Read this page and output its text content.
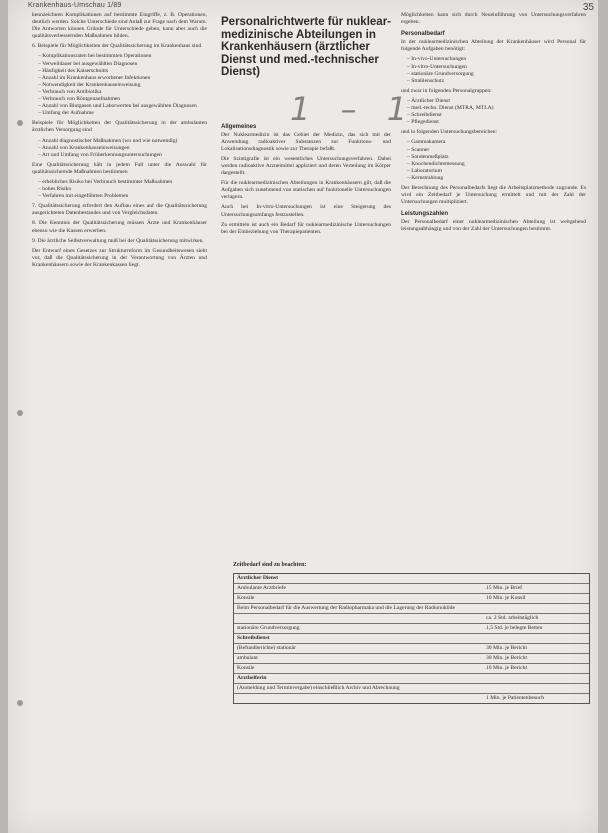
Krankenhaus-Umschau 1/89	35
1 – 1

kennzeichnen Komplikationen auf bestimmte Eingriffe, z. B. Operationen, deutlich werden. Solche Unterschiede sind Anlaß zur Frage nach dem Warum. Die Antworten können Gründe für Unterschiede geben, kann aber auch die qualitätsverbessernden Maßnahmen bilden.

6. Beispiele für Möglichkeiten der Qualitätssicherung im Krankenhaus sind

– Komplikationsraten bei bestimmten Operationen
– Verweildauer bei ausgewählten Diagnosen
– Häufigkeit des Kaiserschnitts
– Anzahl im Krankenhaus erworbener Infektionen
– Notwendigkeit der Krankenhauseinweisung
– Verbrauch von Antibiotika
– Verbrauch von Röntgenaufnahmen
– Anzahl von Blutgasen und Laborwerten bei ausgewählten Diagnosen
– Umfang der Aufnahme

Beispiele für Möglichkeiten der Qualitätssicherung in der ambulanten ärztlichen Versorgung sind

– Anzahl diagnostischer Maßnahmen (wo und wie notwendig)
– Anzahl von Krankenhauseinweisungen
– Art und Umfang von Früherkennungsuntersuchungen

Eine Qualitätssicherung hält in jedem Fall unter die Auswahl für qualitätssichernde Maßnahmen bestimmen

– erhebliches Risiko bei Verbrauch bestimmter Maßnahmen
– hohes Risiko
– Verfahren mit eingeführten Problemen

7. Qualitätssicherung erfordert den Aufbau eines auf die Qualitätssicherung ausgerichteten Datenbestandes und von Vergleichsdaten.

8. Die Kenntnis der Qualitätssicherung müssen Ärzte und Krankenhäuser ebenso wie die Kassen erwerben.

9. Die ärztliche Selbstverwaltung muß bei der Qualitätssicherung mitwirken.

Der Entwurf eines Gesetzes zur Strukturreform im Gesundheitswesen sieht vor, daß die Qualitätssicherung in der Verantwortung von Ärzten und Krankenhäusern sowie der Krankenkassen liegt.

Personalrichtwerte für nuklear-medizinische Abteilungen in Krankenhäusern (ärztlicher Dienst und med.-technischer Dienst)
Allgemeines

Der Nuklearmedizin ist das Gebiet der Medizin, das sich mit der Anwendung radioaktiver Substanzen zur Funktions- und Lokalisationsdiagnostik sowie zur Therapie befaßt.

Die Szintigrafie ist ein wesentliches Untersuchungsverfahren. Dabei werden radioaktive Arzneimittel appliziert und deren Verteilung im Körper dargestellt.

Für die nuklearmedizinischen Abteilungen in Krankenhäusern gilt, daß die Aufgaben sich zunehmend von statischen auf funktionelle Untersuchungen verlagern.

Auch bei In-vitro-Untersuchungen ist eine Steigerung des Untersuchungsumfangs festzustellen.

Zu ermitteln ist auch ein Bedarf für nuklearmedizinische Untersuchungen bei der Einbeziehung von Therapiepatienten.

Möglichkeiten kann sich durch Neueinführung von Untersuchungsverfahren ergeben.

Personalbedarf

In der nuklearmedizinischen Abteilung der Krankenhäuser wird Personal für folgende Aufgaben benötigt:

– In-vivo-Untersuchungen
– In-vitro-Untersuchungen
– stationäre Grundversorgung
– Strahlenschutz

und zwar in folgenden Personalgruppen:

– Ärztlicher Dienst
– med.-techn. Dienst (MTRA, MTLA)
– Schreibdienst
– Pflegedienst

und in folgenden Untersuchungsbereichen:

– Gammakamera
– Scanner
– Sondenmeßplatz
– Knochendichtemessung
– Laboratorium
– Kernstrahlung

Der Berechnung des Personalbedarfs liegt die Arbeitsplatzmethode zugrunde. Es wird ein Zeitbedarf je Untersuchung ermittelt und mit der Zahl der Untersuchungen multipliziert.

Leistungszahlen

Der Personalbedarf einer nuklearmedizinischen Abteilung ist weitgehend leistungsabhängig und von der Zahl der Untersuchungen bestimmt.

Zeitbedarf sind zu beachten:
Ärztlicher Dienst
Ambulante Arztbriefe	15 Min. je Brief
Konsile	10 Min. je Konsil
Beim Personalbedarf für die Auswertung der Radiopharmaka und die Lagerung der Radionuklide
ca. 2 Std. arbeitstäglich
stationäre Grundversorgung	1,5 Std. je belegte Betten
Schreibdienst
(Befundberichte) stationär	30 Min. je Bericht
ambulant	30 Min. je Bericht
Konsile	10 Min. je Bericht
Arzthelferin
(Anmeldung und Terminvergabe) einschließlich Archiv und Abrechnung
1 Min. je Patientenbesuch
